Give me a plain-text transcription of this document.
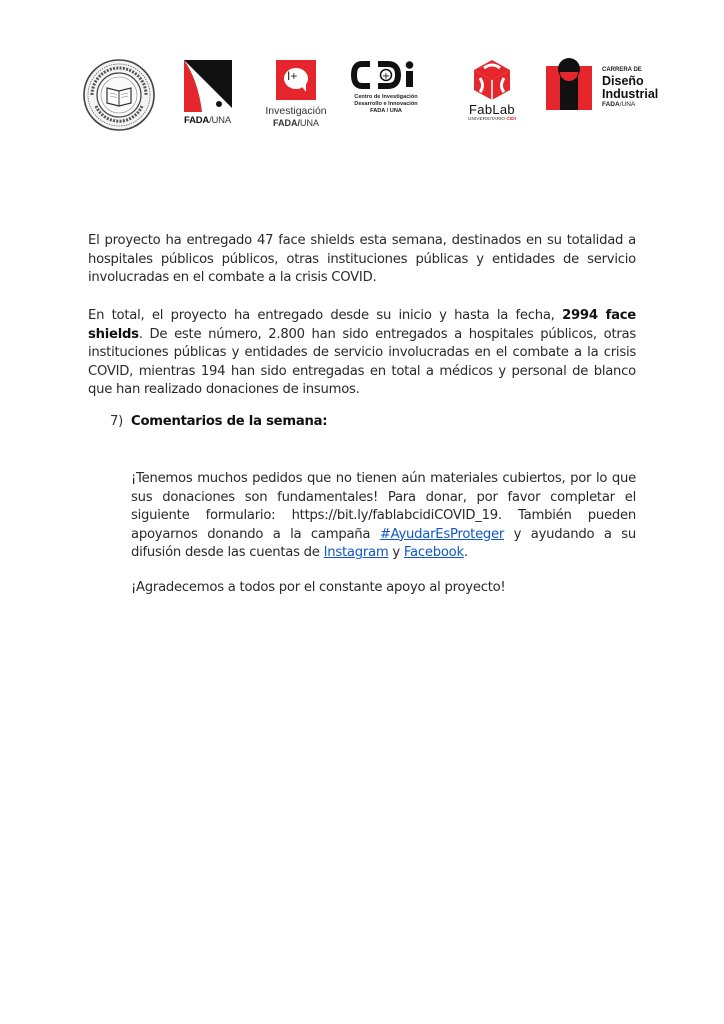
FADA/UNA
I+
Investigación
FADA/UNA
+
Centro de Investigación
Desarrollo e Innovación
FADA / UNA	FabLab
UNIVERSITARIO CIDI
CARRERA DE
Diseño
Industrial
FADA/UNA

El proyecto ha entregado 47 face shields esta semana, destinados en su totalidad a hospitales públicos públicos, otras instituciones públicas y entidades de servicio involucradas en el combate a la crisis COVID.

En total, el proyecto ha entregado desde su inicio y hasta la fecha, 2994 face shields. De este número, 2.800 han sido entregados a hospitales públicos, otras instituciones públicas y entidades de servicio involucradas en el combate a la crisis COVID, mientras 194 han sido entregadas en total a médicos y personal de blanco que han realizado donaciones de insumos.

7) Comentarios de la semana:

¡Tenemos muchos pedidos que no tienen aún materiales cubiertos, por lo que sus donaciones son fundamentales! Para donar, por favor completar el siguiente formulario: https://bit.ly/fablabcidiCOVID_19. También pueden apoyarnos donando a la campaña #AyudarEsProteger y ayudando a su difusión desde las cuentas de Instagram y Facebook.

¡Agradecemos a todos por el constante apoyo al proyecto!
